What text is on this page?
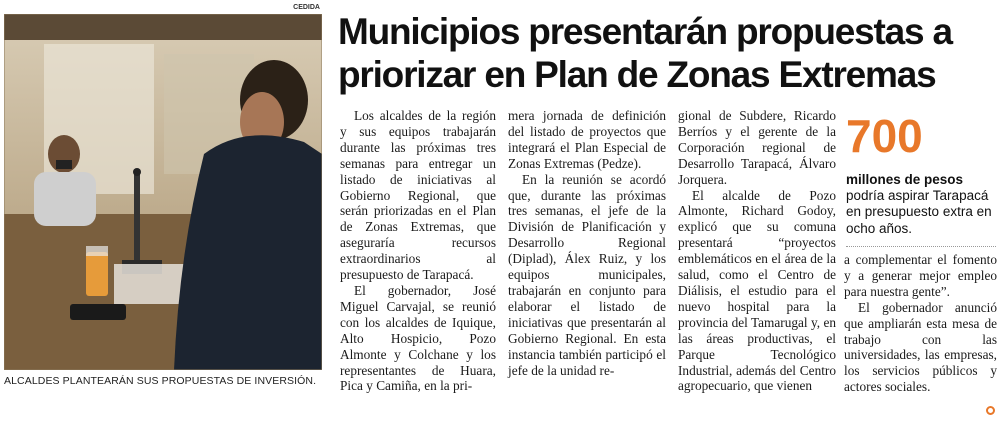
CEDIDA
ALCALDES PLANTEARÁN SUS PROPUESTAS DE INVERSIÓN.
Municipios presentarán propuestas a
priorizar en Plan de Zonas Extremas

Los alcaldes de la región y sus equipos trabajarán durante las próximas tres semanas para entregar un listado de iniciativas al Gobierno Regional, que serán priorizadas en el Plan de Zonas Extremas, que aseguraría recursos extraordinarios al presupuesto de Tarapacá.

El gobernador, José Miguel Carvajal, se reunió con los alcaldes de Iquique, Alto Hospicio, Pozo Almonte y Colchane y los representantes de Huara, Pica y Camiña, en la pri-

mera jornada de definición del listado de proyectos que integrará el Plan Especial de Zonas Extremas (Pedze).

En la reunión se acordó que, durante las próximas tres semanas, el jefe de la División de Planificación y Desarrollo Regional (Diplad), Álex Ruiz, y los equipos municipales, trabajarán en conjunto para elaborar el listado de iniciativas que presentarán al Gobierno Regional. En esta instancia también participó el jefe de la unidad re-

gional de Subdere, Ricardo Berríos y el gerente de la Corporación regional de Desarrollo Tarapacá, Álvaro Jorquera.

El alcalde de Pozo Almonte, Richard Godoy, explicó que su comuna presentará “proyectos emblemáticos en el área de la salud, como el Centro de Diálisis, el estudio para el nuevo hospital para la provincia del Tamarugal y, en las áreas productivas, el Parque Tecnológico Industrial, además del Centro agropecuario, que vienen

700

millones de pesos podría aspirar Tarapacá en presupuesto extra en ocho años.

a complementar el fomento y a generar mejor empleo para nuestra gente”.

El gobernador anunció que ampliarán esta mesa de trabajo con las universidades, las empresas, los servicios públicos y actores sociales.
